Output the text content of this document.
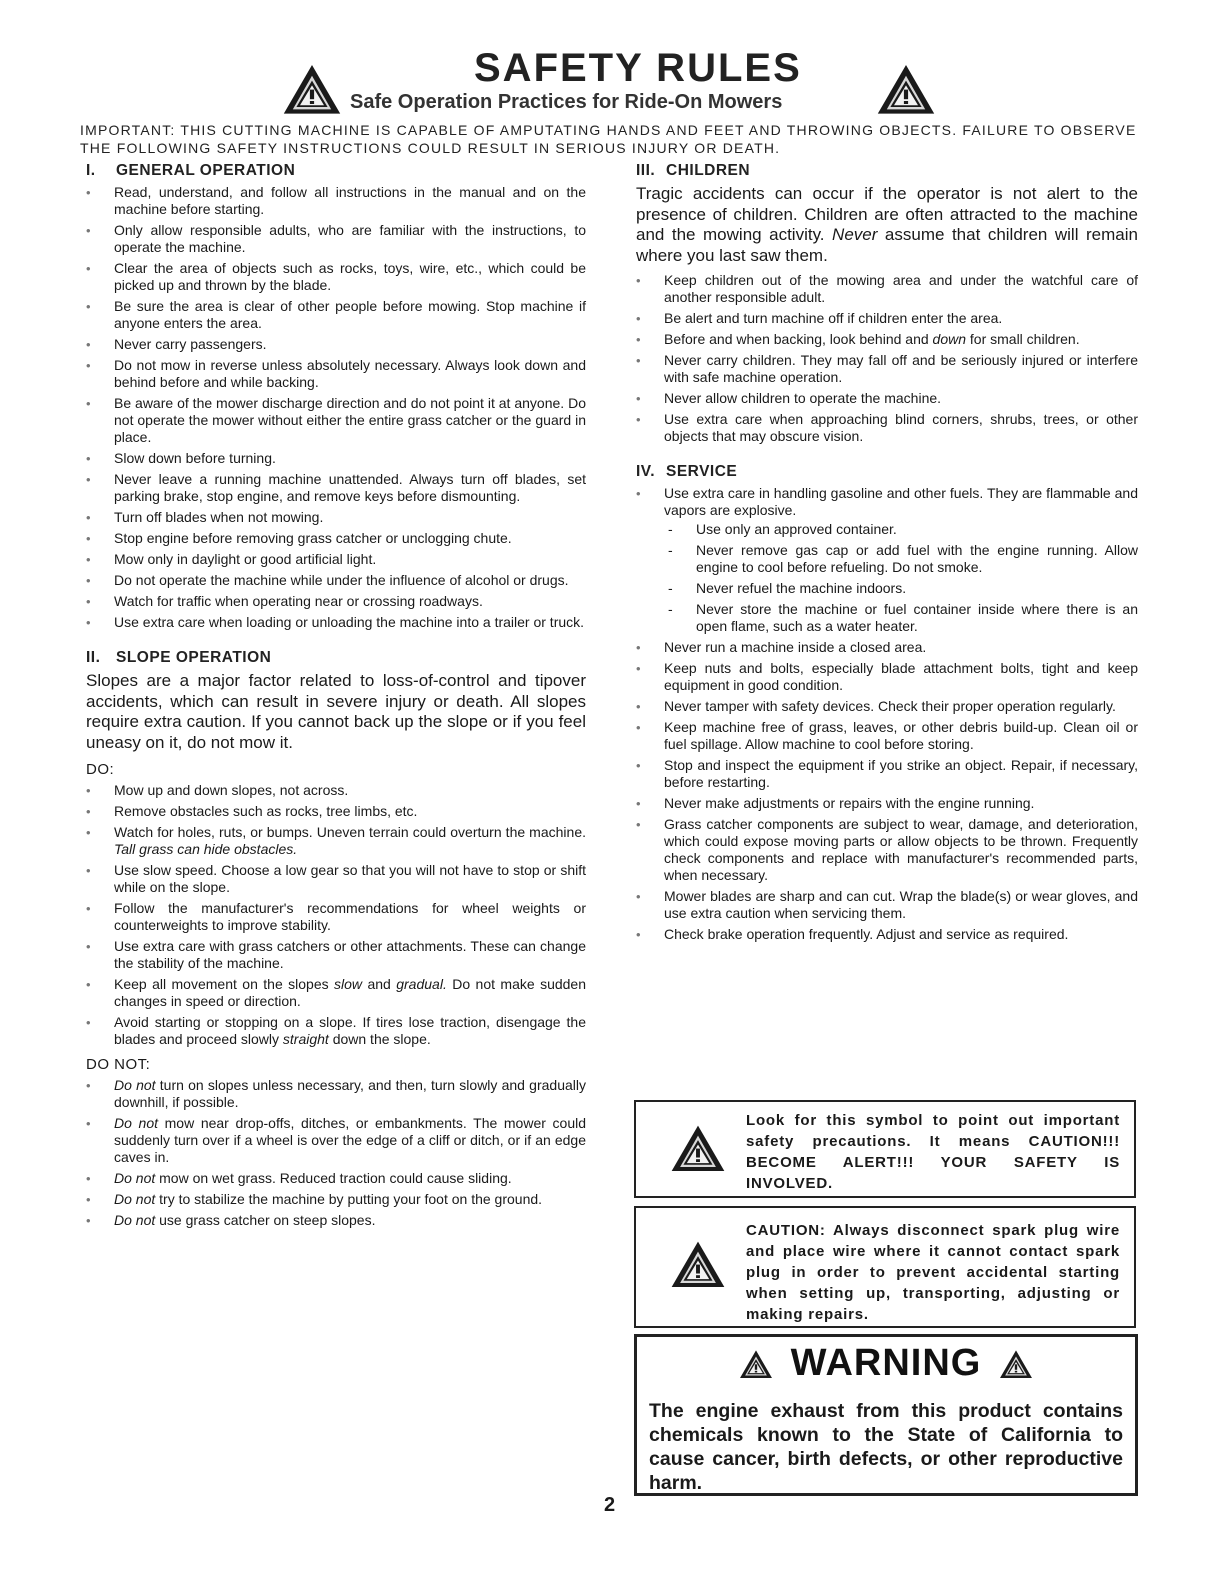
SAFETY RULES
Safe Operation Practices for Ride-On Mowers
IMPORTANT: THIS CUTTING MACHINE IS CAPABLE OF AMPUTATING HANDS AND FEET AND THROWING OBJECTS. FAILURE TO OBSERVE THE FOLLOWING SAFETY INSTRUCTIONS COULD RESULT IN SERIOUS INJURY OR DEATH.
I. GENERAL OPERATION
• Read, understand, and follow all instructions in the manual and on the machine before starting.
• Only allow responsible adults, who are familiar with the instructions, to operate the machine.
• Clear the area of objects such as rocks, toys, wire, etc., which could be picked up and thrown by the blade.
• Be sure the area is clear of other people before mowing. Stop machine if anyone enters the area.
• Never carry passengers.
• Do not mow in reverse unless absolutely necessary. Always look down and behind before and while backing.
• Be aware of the mower discharge direction and do not point it at anyone. Do not operate the mower without either the entire grass catcher or the guard in place.
• Slow down before turning.
• Never leave a running machine unattended. Always turn off blades, set parking brake, stop engine, and remove keys before dismounting.
• Turn off blades when not mowing.
• Stop engine before removing grass catcher or unclogging chute.
• Mow only in daylight or good artificial light.
• Do not operate the machine while under the influence of alcohol or drugs.
• Watch for traffic when operating near or crossing roadways.
• Use extra care when loading or unloading the machine into a trailer or truck.
II. SLOPE OPERATION

Slopes are a major factor related to loss-of-control and tipover accidents, which can result in severe injury or death. All slopes require extra caution. If you cannot back up the slope or if you feel uneasy on it, do not mow it.

DO:
• Mow up and down slopes, not across.
• Remove obstacles such as rocks, tree limbs, etc.
• Watch for holes, ruts, or bumps. Uneven terrain could overturn the machine. Tall grass can hide obstacles.
• Use slow speed. Choose a low gear so that you will not have to stop or shift while on the slope.
• Follow the manufacturer's recommendations for wheel weights or counterweights to improve stability.
• Use extra care with grass catchers or other attachments. These can change the stability of the machine.
• Keep all movement on the slopes slow and gradual. Do not make sudden changes in speed or direction.
• Avoid starting or stopping on a slope. If tires lose traction, disengage the blades and proceed slowly straight down the slope.
DO NOT:
• Do not turn on slopes unless necessary, and then, turn slowly and gradually downhill, if possible.
• Do not mow near drop-offs, ditches, or embankments. The mower could suddenly turn over if a wheel is over the edge of a cliff or ditch, or if an edge caves in.
• Do not mow on wet grass. Reduced traction could cause sliding.
• Do not try to stabilize the machine by putting your foot on the ground.
• Do not use grass catcher on steep slopes.
III. CHILDREN

Tragic accidents can occur if the operator is not alert to the presence of children. Children are often attracted to the machine and the mowing activity. Never assume that children will remain where you last saw them.

• Keep children out of the mowing area and under the watchful care of another responsible adult.
• Be alert and turn machine off if children enter the area.
• Before and when backing, look behind and down for small children.
• Never carry children. They may fall off and be seriously injured or interfere with safe machine operation.
• Never allow children to operate the machine.
• Use extra care when approaching blind corners, shrubs, trees, or other objects that may obscure vision.
IV. SERVICE
• Use extra care in handling gasoline and other fuels. They are flammable and vapors are explosive.
- Use only an approved container.
- Never remove gas cap or add fuel with the engine running. Allow engine to cool before refueling. Do not smoke.
- Never refuel the machine indoors.
- Never store the machine or fuel container inside where there is an open flame, such as a water heater.
• Never run a machine inside a closed area.
• Keep nuts and bolts, especially blade attachment bolts, tight and keep equipment in good condition.
• Never tamper with safety devices. Check their proper operation regularly.
• Keep machine free of grass, leaves, or other debris build-up. Clean oil or fuel spillage. Allow machine to cool before storing.
• Stop and inspect the equipment if you strike an object. Repair, if necessary, before restarting.
• Never make adjustments or repairs with the engine running.
• Grass catcher components are subject to wear, damage, and deterioration, which could expose moving parts or allow objects to be thrown. Frequently check components and replace with manufacturer's recommended parts, when necessary.
• Mower blades are sharp and can cut. Wrap the blade(s) or wear gloves, and use extra caution when servicing them.
• Check brake operation frequently. Adjust and service as required.
Look for this symbol to point out important safety precautions. It means CAUTION!!! BECOME ALERT!!! YOUR SAFETY IS INVOLVED.
CAUTION: Always disconnect spark plug wire and place wire where it cannot contact spark plug in order to prevent accidental starting when setting up, transporting, adjusting or making repairs.
WARNING
The engine exhaust from this product contains chemicals known to the State of California to cause cancer, birth defects, or other reproductive harm.
2
